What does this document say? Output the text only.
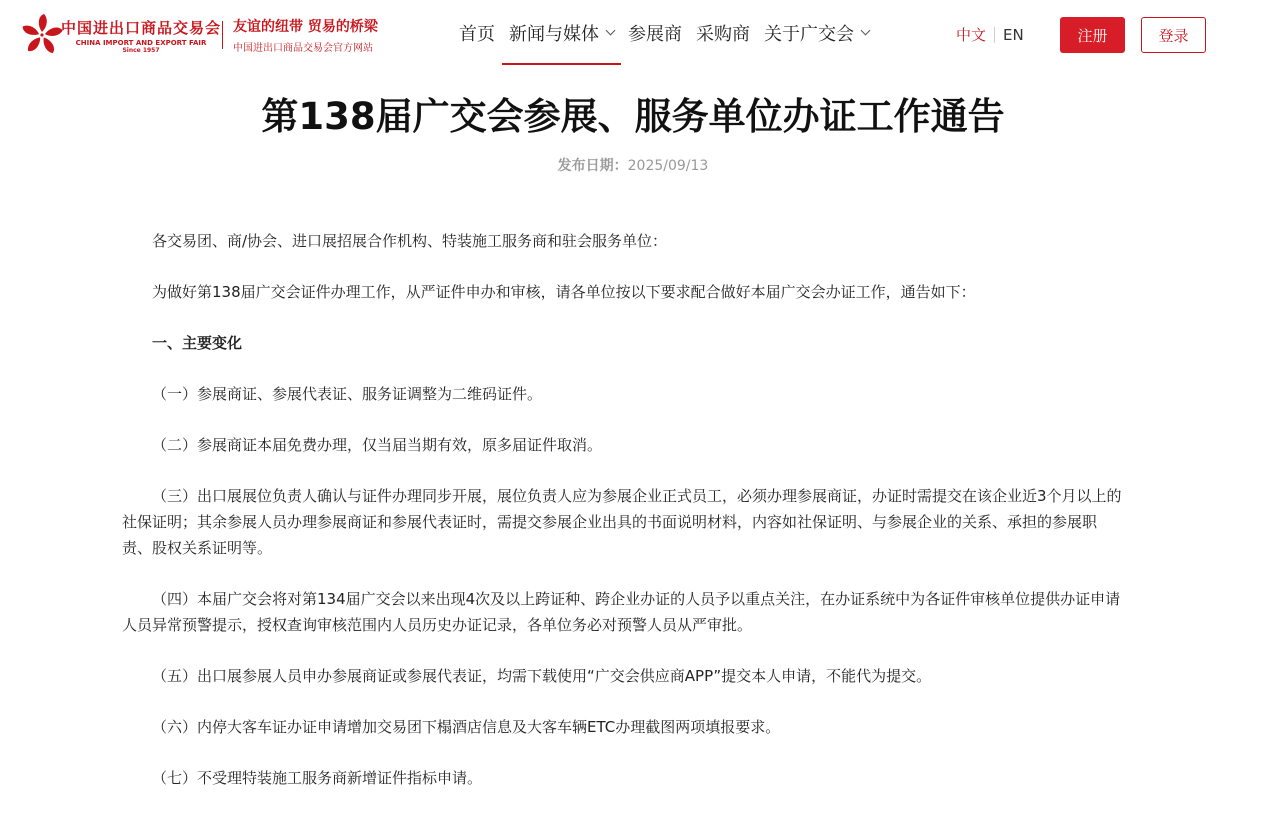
中国进出口商品交易会
CHINA IMPORT AND EXPORT FAIR
Since 1957
友谊的纽带 贸易的桥梁
中国进出口商品交易会官方网站
首页 新闻与媒体 参展商 采购商 关于广交会	中文 EN	注册	登录
第138届广交会参展、服务单位办证工作通告
发布日期：2025/09/13

各交易团、商/协会、进口展招展合作机构、特装施工服务商和驻会服务单位：

为做好第138届广交会证件办理工作，从严证件申办和审核，请各单位按以下要求配合做好本届广交会办证工作，通告如下：

一、主要变化

（一）参展商证、参展代表证、服务证调整为二维码证件。

（二）参展商证本届免费办理，仅当届当期有效，原多届证件取消。

（三）出口展展位负责人确认与证件办理同步开展，展位负责人应为参展企业正式员工，必须办理参展商证，办证时需提交在该企业近3个月以上的社保证明；其余参展人员办理参展商证和参展代表证时，需提交参展企业出具的书面说明材料，内容如社保证明、与参展企业的关系、承担的参展职责、股权关系证明等。

（四）本届广交会将对第134届广交会以来出现4次及以上跨证种、跨企业办证的人员予以重点关注，在办证系统中为各证件审核单位提供办证申请人员异常预警提示，授权查询审核范围内人员历史办证记录，各单位务必对预警人员从严审批。

（五）出口展参展人员申办参展商证或参展代表证，均需下载使用“广交会供应商APP”提交本人申请，不能代为提交。

（六）内停大客车证办证申请增加交易团下榻酒店信息及大客车辆ETC办理截图两项填报要求。

（七）不受理特装施工服务商新增证件指标申请。
